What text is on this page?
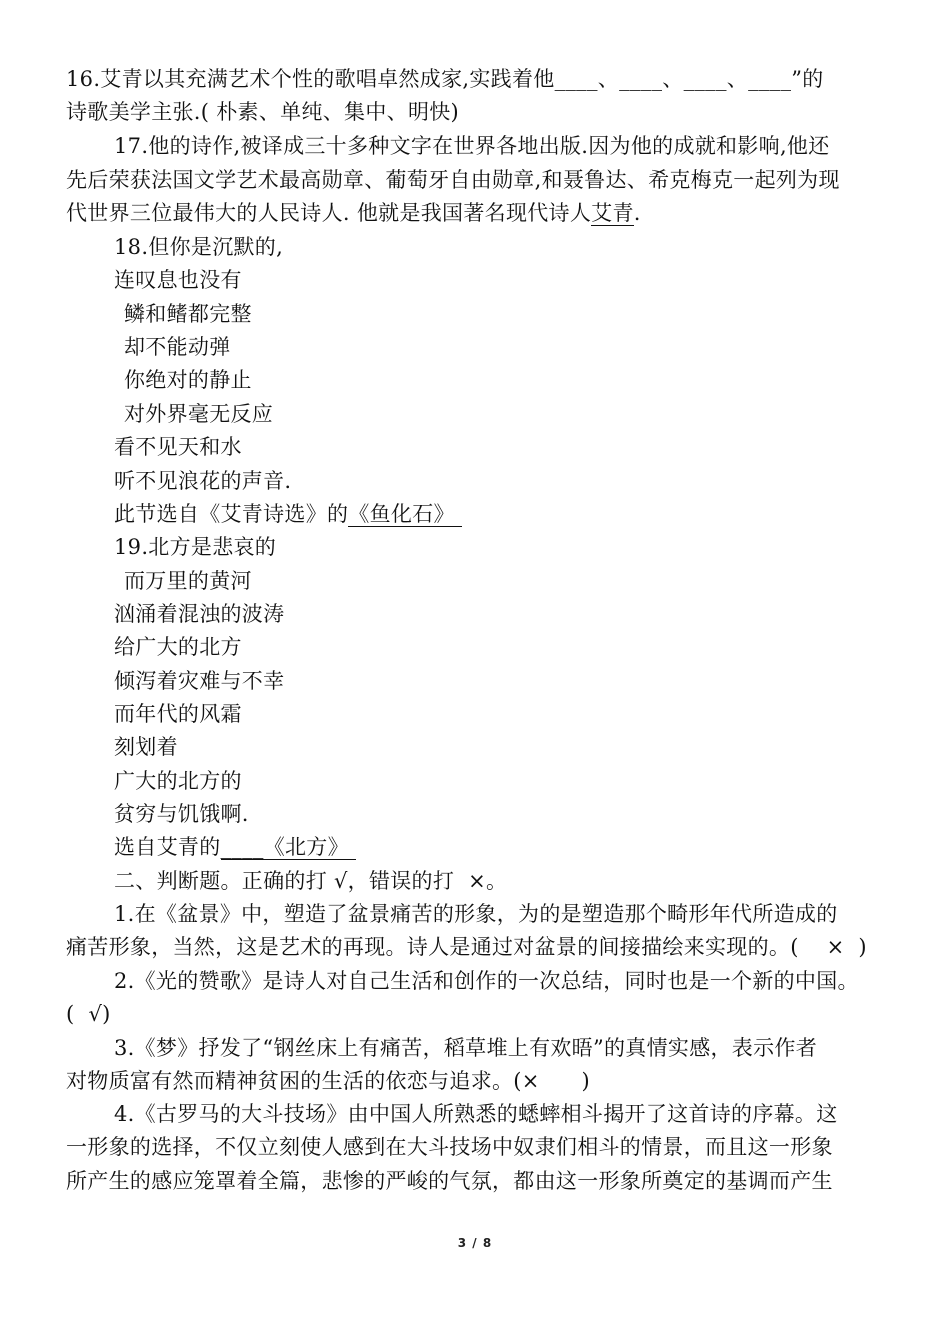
16.艾青以其充满艺术个性的歌唱卓然成家,实践着他____、____、____、____”的
诗歌美学主张.( 朴素、单纯、集中、明快)
17.他的诗作,被译成三十多种文字在世界各地出版.因为他的成就和影响,他还
先后荣获法国文学艺术最高勋章、葡萄牙自由勋章,和聂鲁达、希克梅克一起列为现
代世界三位最伟大的人民诗人. 他就是我国著名现代诗人艾青.
18.但你是沉默的,
连叹息也没有
鳞和鳍都完整
却不能动弹
你绝对的静止
对外界毫无反应
看不见天和水
听不见浪花的声音.
此节选自《艾青诗选》的《鱼化石》
19.北方是悲哀的
而万里的黄河
汹涌着混浊的波涛
给广大的北方
倾泻着灾难与不幸
而年代的风霜
刻划着
广大的北方的
贫穷与饥饿啊.
选自艾青的____《北方》
二、判断题。正确的打 √，错误的打  ×。
1.在《盆景》中，塑造了盆景痛苦的形象，为的是塑造那个畸形年代所造成的
痛苦形象，当然，这是艺术的再现。诗人是通过对盆景的间接描绘来实现的。(    ×  )
2.《光的赞歌》是诗人对自己生活和创作的一次总结，同时也是一个新的中国。
(  √)
3.《梦》抒发了“钢丝床上有痛苦，稻草堆上有欢晤”的真情实感，表示作者
对物质富有然而精神贫困的生活的依恋与追求。(×      )
4.《古罗马的大斗技场》由中国人所熟悉的蟋蟀相斗揭开了这首诗的序幕。这
一形象的选择，不仅立刻使人感到在大斗技场中奴隶们相斗的情景，而且这一形象
所产生的感应笼罩着全篇，悲惨的严峻的气氛，都由这一形象所奠定的基调而产生
3 / 8
